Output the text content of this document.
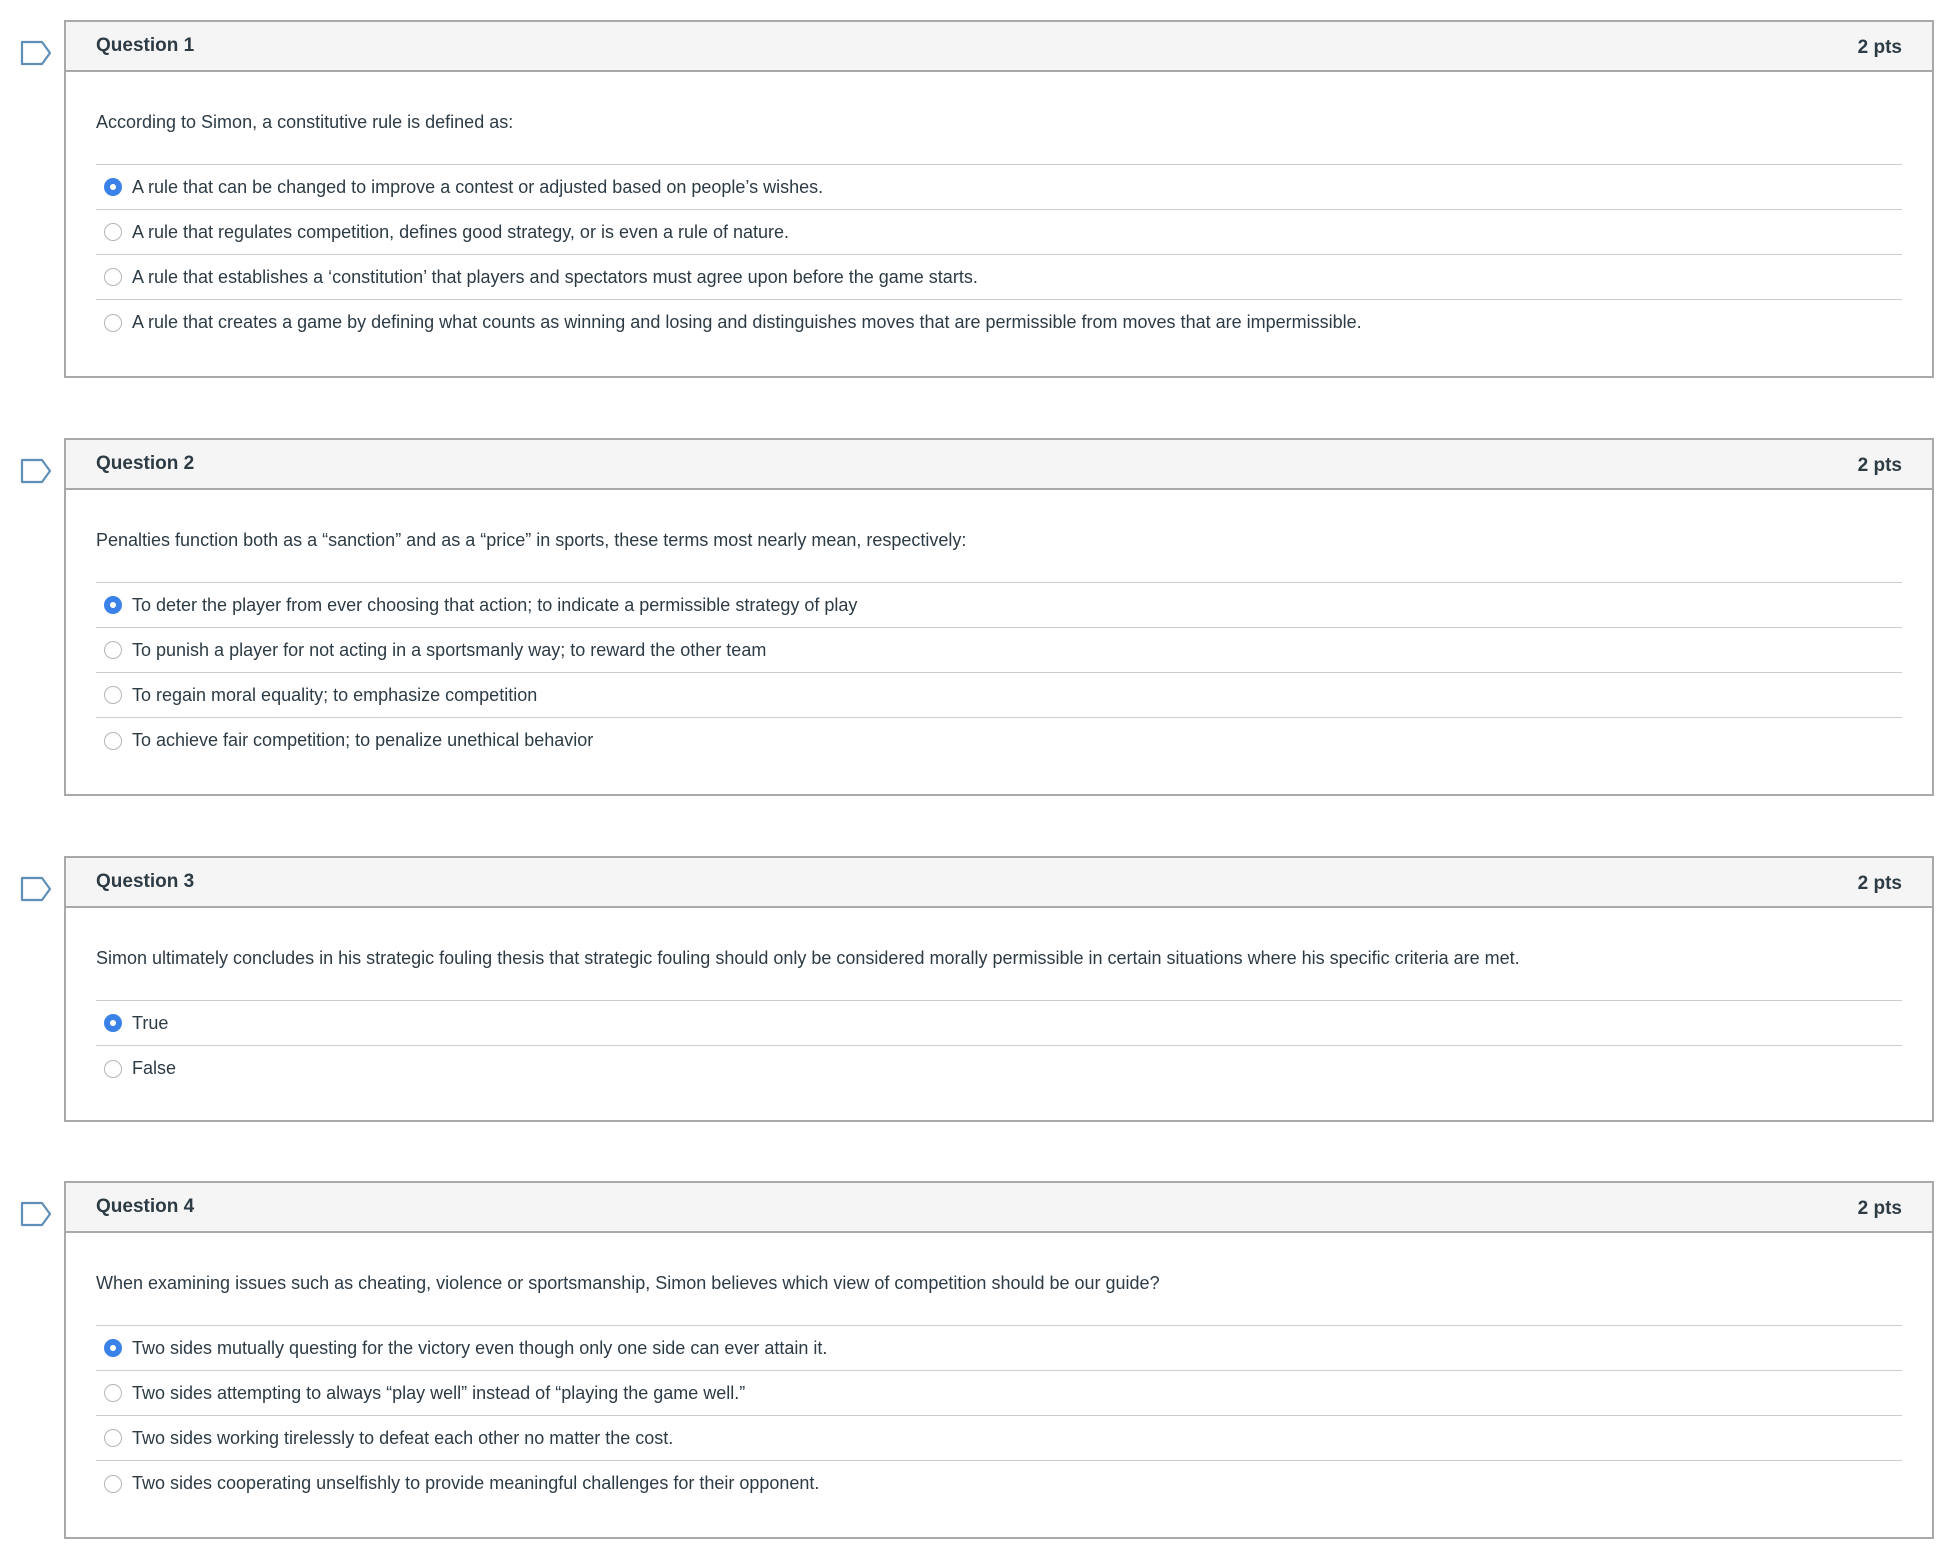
Question 1	2 pts
According to Simon, a constitutive rule is defined as:
A rule that can be changed to improve a contest or adjusted based on people’s wishes.
A rule that regulates competition, defines good strategy, or is even a rule of nature.
A rule that establishes a ‘constitution’ that players and spectators must agree upon before the game starts.
A rule that creates a game by defining what counts as winning and losing and distinguishes moves that are permissible from moves that are impermissible.
Question 2	2 pts
Penalties function both as a “sanction” and as a “price” in sports, these terms most nearly mean, respectively:
To deter the player from ever choosing that action; to indicate a permissible strategy of play
To punish a player for not acting in a sportsmanly way; to reward the other team
To regain moral equality; to emphasize competition
To achieve fair competition; to penalize unethical behavior
Question 3	2 pts
Simon ultimately concludes in his strategic fouling thesis that strategic fouling should only be considered morally permissible in certain situations where his specific criteria are met.
True
False
Question 4	2 pts
When examining issues such as cheating, violence or sportsmanship, Simon believes which view of competition should be our guide?
Two sides mutually questing for the victory even though only one side can ever attain it.
Two sides attempting to always “play well” instead of “playing the game well.”
Two sides working tirelessly to defeat each other no matter the cost.
Two sides cooperating unselfishly to provide meaningful challenges for their opponent.
